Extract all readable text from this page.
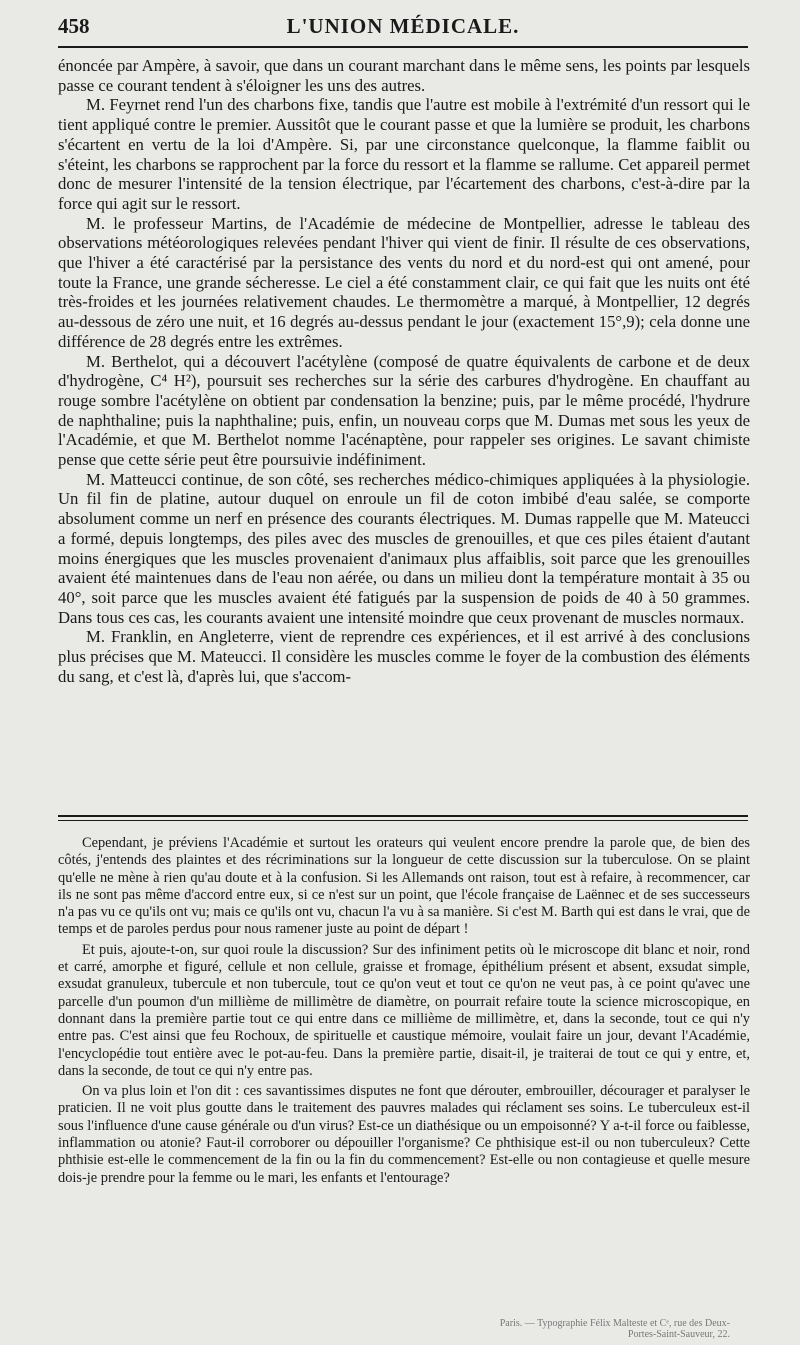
458	L'UNION MÉDICALE.

énoncée par Ampère, à savoir, que dans un courant marchant dans le même sens, les points par lesquels passe ce courant tendent à s'éloigner les uns des autres.

M. Feyrnet rend l'un des charbons fixe, tandis que l'autre est mobile à l'extrémité d'un ressort qui le tient appliqué contre le premier. Aussitôt que le courant passe et que la lumière se produit, les charbons s'écartent en vertu de la loi d'Ampère. Si, par une circonstance quelconque, la flamme faiblit ou s'éteint, les charbons se rapprochent par la force du ressort et la flamme se rallume. Cet appareil permet donc de mesurer l'intensité de la tension électrique, par l'écartement des charbons, c'est-à-dire par la force qui agit sur le ressort.

M. le professeur Martins, de l'Académie de médecine de Montpellier, adresse le tableau des observations météorologiques relevées pendant l'hiver qui vient de finir. Il résulte de ces observations, que l'hiver a été caractérisé par la persistance des vents du nord et du nord-est qui ont amené, pour toute la France, une grande sécheresse. Le ciel a été constamment clair, ce qui fait que les nuits ont été très-froides et les journées relativement chaudes. Le thermomètre a marqué, à Montpellier, 12 degrés au-dessous de zéro une nuit, et 16 degrés au-dessus pendant le jour (exactement 15°,9); cela donne une différence de 28 degrés entre les extrêmes.

M. Berthelot, qui a découvert l'acétylène (composé de quatre équivalents de carbone et de deux d'hydrogène, C⁴ H²), poursuit ses recherches sur la série des carbures d'hydrogène. En chauffant au rouge sombre l'acétylène on obtient par condensation la benzine; puis, par le même procédé, l'hydrure de naphthaline; puis la naphthaline; puis, enfin, un nouveau corps que M. Dumas met sous les yeux de l'Académie, et que M. Berthelot nomme l'acénaptène, pour rappeler ses origines. Le savant chimiste pense que cette série peut être poursuivie indéfiniment.

M. Matteucci continue, de son côté, ses recherches médico-chimiques appliquées à la physiologie. Un fil fin de platine, autour duquel on enroule un fil de coton imbibé d'eau salée, se comporte absolument comme un nerf en présence des courants électriques. M. Dumas rappelle que M. Mateucci a formé, depuis longtemps, des piles avec des muscles de grenouilles, et que ces piles étaient d'autant moins énergiques que les muscles provenaient d'animaux plus affaiblis, soit parce que les grenouilles avaient été maintenues dans de l'eau non aérée, ou dans un milieu dont la température montait à 35 ou 40°, soit parce que les muscles avaient été fatigués par la suspension de poids de 40 à 50 grammes. Dans tous ces cas, les courants avaient une intensité moindre que ceux provenant de muscles normaux.

M. Franklin, en Angleterre, vient de reprendre ces expériences, et il est arrivé à des conclusions plus précises que M. Mateucci. Il considère les muscles comme le foyer de la combustion des éléments du sang, et c'est là, d'après lui, que s'accom-

Cependant, je préviens l'Académie et surtout les orateurs qui veulent encore prendre la parole que, de bien des côtés, j'entends des plaintes et des récriminations sur la longueur de cette discussion sur la tuberculose. On se plaint qu'elle ne mène à rien qu'au doute et à la confusion. Si les Allemands ont raison, tout est à refaire, à recommencer, car ils ne sont pas même d'accord entre eux, si ce n'est sur un point, que l'école française de Laënnec et de ses successeurs n'a pas vu ce qu'ils ont vu; mais ce qu'ils ont vu, chacun l'a vu à sa manière. Si c'est M. Barth qui est dans le vrai, que de temps et de paroles perdus pour nous ramener juste au point de départ !

Et puis, ajoute-t-on, sur quoi roule la discussion? Sur des infiniment petits où le microscope dit blanc et noir, rond et carré, amorphe et figuré, cellule et non cellule, graisse et fromage, épithélium présent et absent, exsudat simple, exsudat granuleux, tubercule et non tubercule, tout ce qu'on veut et tout ce qu'on ne veut pas, à ce point qu'avec une parcelle d'un poumon d'un millième de millimètre de diamètre, on pourrait refaire toute la science microscopique, en donnant dans la première partie tout ce qui entre dans ce millième de millimètre, et, dans la seconde, tout ce qui n'y entre pas. C'est ainsi que feu Rochoux, de spirituelle et caustique mémoire, voulait faire un jour, devant l'Académie, l'encyclopédie tout entière avec le pot-au-feu. Dans la première partie, disait-il, je traiterai de tout ce qui y entre, et, dans la seconde, de tout ce qui n'y entre pas.

On va plus loin et l'on dit : ces savantissimes disputes ne font que dérouter, embrouiller, décourager et paralyser le praticien. Il ne voit plus goutte dans le traitement des pauvres malades qui réclament ses soins. Le tuberculeux est-il sous l'influence d'une cause générale ou d'un virus? Est-ce un diathésique ou un empoisonné? Y a-t-il force ou faiblesse, inflammation ou atonie? Faut-il corroborer ou dépouiller l'organisme? Ce phthisique est-il ou non tuberculeux? Cette phthisie est-elle le commencement de la fin ou la fin du commencement? Est-elle ou non contagieuse et quelle mesure dois-je prendre pour la femme ou le mari, les enfants et l'entourage?

Paris. — Typographie Félix Malteste et Cᵉ, rue des Deux-Portes-Saint-Sauveur, 22.
